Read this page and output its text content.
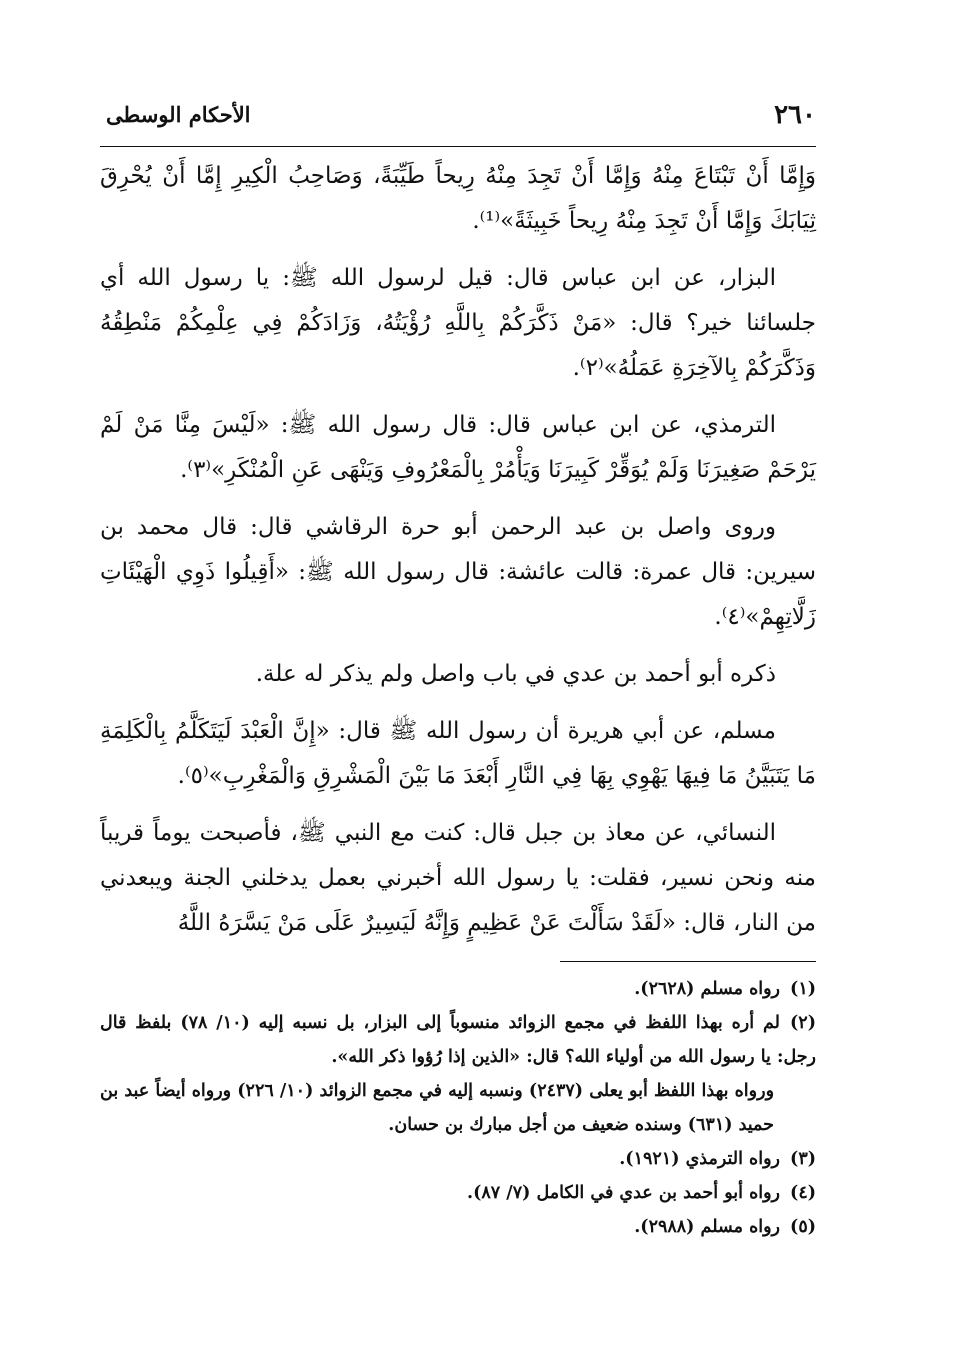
٢٦٠
الأحكام الوسطى

وَإِمَّا أَنْ تَبْتَاعَ مِنْهُ وَإِمَّا أَنْ تَجِدَ مِنْهُ رِيحاً طَيِّبَةً، وَصَاحِبُ الْكِيرِ إِمَّا أَنْ يُحْرِقَ ثِيَابَكَ وَإِمَّا أَنْ تَجِدَ مِنْهُ رِيحاً خَبِيثَةً»⁽¹⁾.

البزار، عن ابن عباس قال: قيل لرسول الله ﷺ: يا رسول الله أي جلسائنا خير؟ قال: «مَنْ ذَكَّرَكُمْ بِاللَّهِ رُؤْيَتُهُ، وَزَادَكُمْ فِي عِلْمِكُمْ مَنْطِقُهُ وَذَكَّرَكُمْ بِالآخِرَةِ عَمَلُهُ»⁽٢⁾.

الترمذي، عن ابن عباس قال: قال رسول الله ﷺ: «لَيْسَ مِنَّا مَنْ لَمْ يَرْحَمْ صَغِيرَنَا وَلَمْ يُوَقِّرْ كَبِيرَنَا وَيَأْمُرْ بِالْمَعْرُوفِ وَيَنْهَى عَنِ الْمُنْكَرِ»⁽٣⁾.

وروى واصل بن عبد الرحمن أبو حرة الرقاشي قال: قال محمد بن سيرين: قال عمرة: قالت عائشة: قال رسول الله ﷺ: «أَقِيلُوا ذَوِي الْهَيْئَاتِ زَلَّاتِهِمْ»⁽٤⁾.

ذكره أبو أحمد بن عدي في باب واصل ولم يذكر له علة.

مسلم، عن أبي هريرة أن رسول الله ﷺ قال: «إِنَّ الْعَبْدَ لَيَتَكَلَّمُ بِالْكَلِمَةِ مَا يَتَبَيَّنُ مَا فِيهَا يَهْوِي بِهَا فِي النَّارِ أَبْعَدَ مَا بَيْنَ الْمَشْرِقِ وَالْمَغْرِبِ»⁽٥⁾.

النسائي، عن معاذ بن جبل قال: كنت مع النبي ﷺ، فأصبحت يوماً قريباً منه ونحن نسير، فقلت: يا رسول الله أخبرني بعمل يدخلني الجنة ويبعدني من النار، قال: «لَقَدْ سَأَلْتَ عَنْ عَظِيمٍ وَإِنَّهُ لَيَسِيرٌ عَلَى مَنْ يَسَّرَهُ اللَّهُ

(١)رواه مسلم (٢٦٢٨).

(٢)لم أره بهذا اللفظ في مجمع الزوائد منسوباً إلى البزار، بل نسبه إليه (١٠/ ٧٨) بلفظ قال رجل: يا رسول الله من أولياء الله؟ قال: «الذين إذا رُؤوا ذكر الله».

ورواه بهذا اللفظ أبو يعلى (٢٤٣٧) ونسبه إليه في مجمع الزوائد (١٠/ ٢٢٦) ورواه أيضاً عبد بن حميد (٦٣١) وسنده ضعيف من أجل مبارك بن حسان.

(٣)رواه الترمذي (١٩٢١).

(٤)رواه أبو أحمد بن عدي في الكامل (٧/ ٨٧).

(٥)رواه مسلم (٢٩٨٨).
